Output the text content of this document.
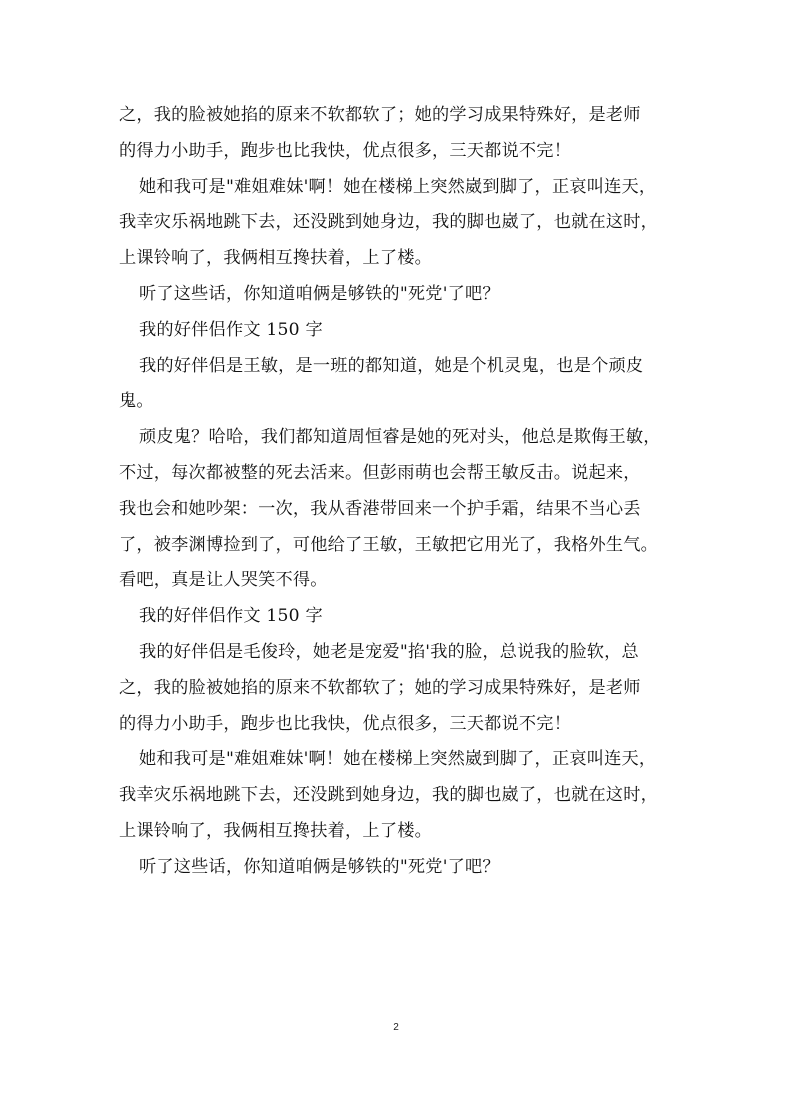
之，我的脸被她掐的原来不软都软了；她的学习成果特殊好，是老师
的得力小助手，跑步也比我快，优点很多，三天都说不完！
她和我可是"难姐难妹'啊！她在楼梯上突然崴到脚了，正哀叫连天，
我幸灾乐祸地跳下去，还没跳到她身边，我的脚也崴了，也就在这时，
上课铃响了，我俩相互搀扶着，上了楼。
听了这些话，你知道咱俩是够铁的"死党'了吧？
我的好伴侣作文 150 字
我的好伴侣是王敏，是一班的都知道，她是个机灵鬼，也是个顽皮
鬼。
顽皮鬼？哈哈，我们都知道周恒睿是她的死对头，他总是欺侮王敏，
不过，每次都被整的死去活来。但彭雨萌也会帮王敏反击。说起来，
我也会和她吵架：一次，我从香港带回来一个护手霜，结果不当心丢
了，被李渊博捡到了，可他给了王敏，王敏把它用光了，我格外生气。
看吧，真是让人哭笑不得。
我的好伴侣作文 150 字
我的好伴侣是毛俊玲，她老是宠爱"掐'我的脸，总说我的脸软，总
之，我的脸被她掐的原来不软都软了；她的学习成果特殊好，是老师
的得力小助手，跑步也比我快，优点很多，三天都说不完！
她和我可是"难姐难妹'啊！她在楼梯上突然崴到脚了，正哀叫连天，
我幸灾乐祸地跳下去，还没跳到她身边，我的脚也崴了，也就在这时，
上课铃响了，我俩相互搀扶着，上了楼。
听了这些话，你知道咱俩是够铁的"死党'了吧？
2
